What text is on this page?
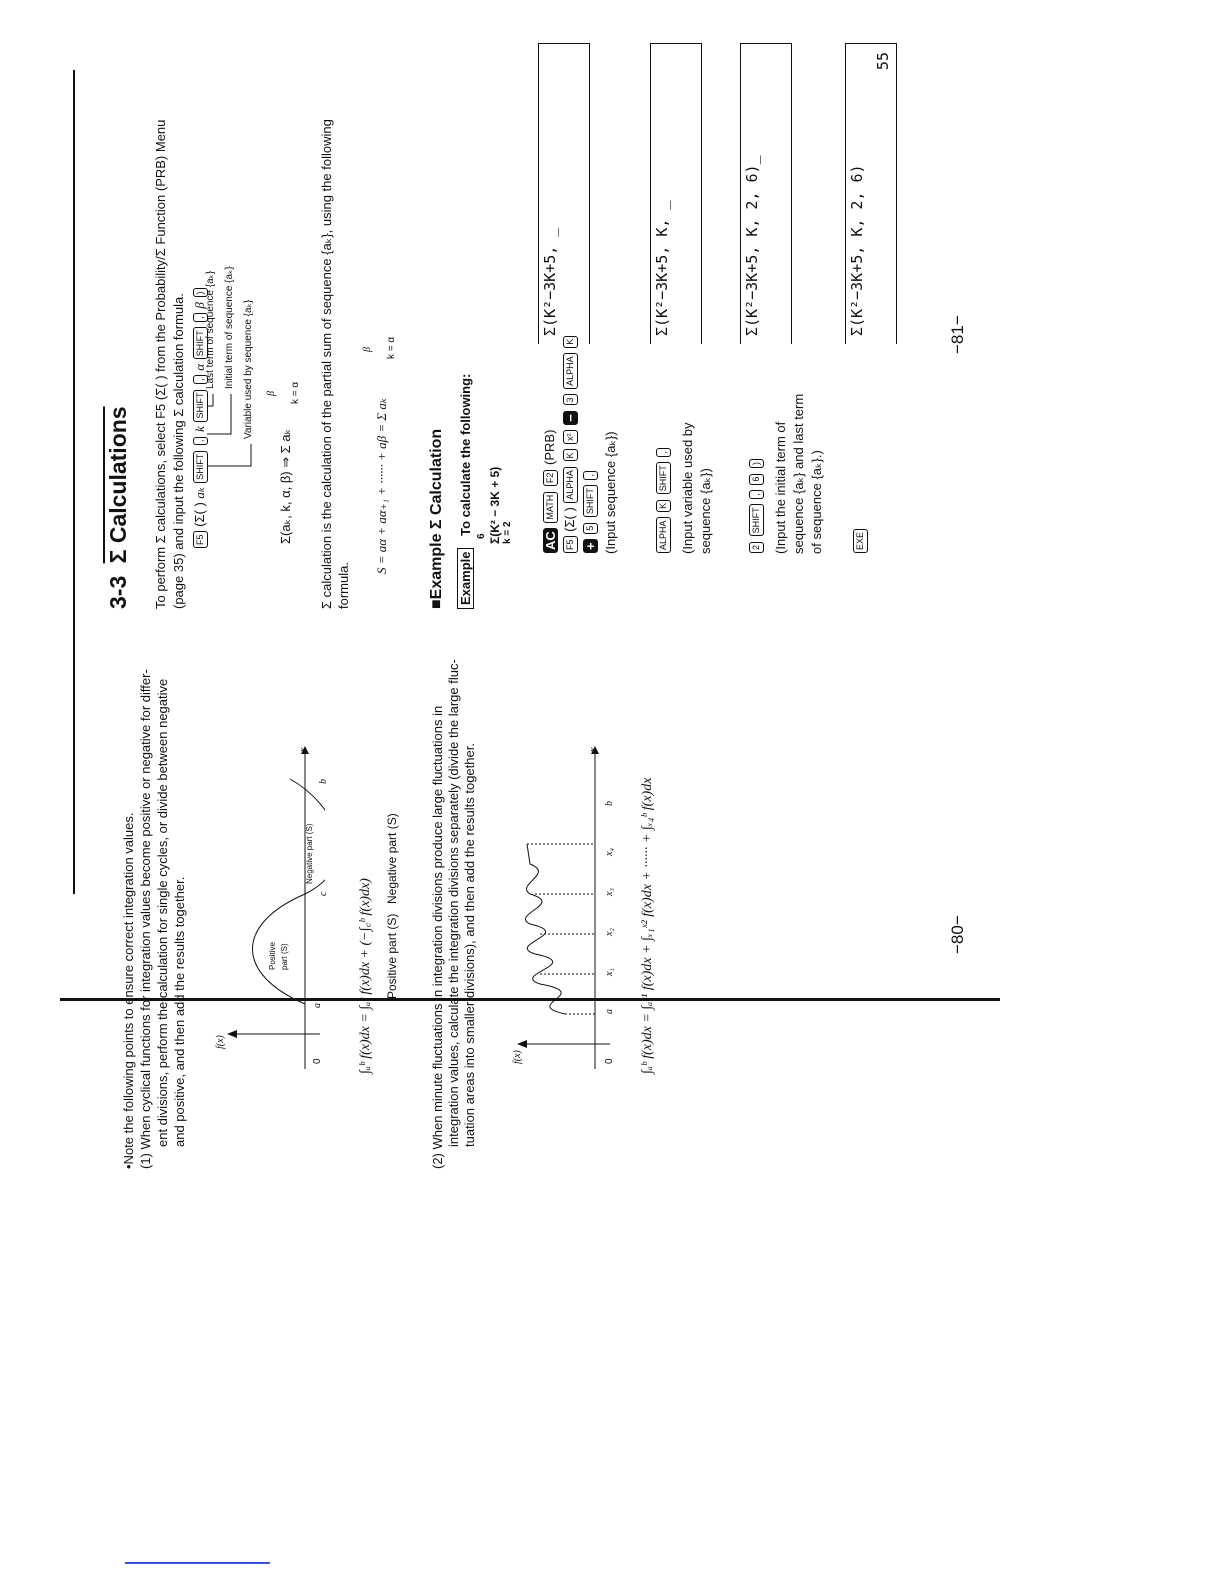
3-3 Σ Calculations To perform Σ calculations, select F5 (Σ( ) from the Probability/Σ Function (PRB) Menu (page 35) and input the following Σ calculation formula.	F5 (Σ( ) aₖ SHIFT , k SHIFT , α SHIFT , β ) Last term of sequence {aₖ} Initial term of sequence {aₖ} Variable used by sequence {aₖ} β
Σ(aₖ, k, α, β) ⇒ Σ aₖ
k = α Σ calculation is the calculation of the partial sum of sequence {aₖ}, using the following formula.
S = aα + aα₊₁ + ······ + aβ = Σ aₖ
β k = α
■Example Σ Calculation Example To calculate the following:
6 Σ(K² − 3K + 5) k = 2 AC MATH F2 (PRB)
F5 (Σ( ) ALPHA K x² − 3 ALPHA K
+ 5 SHIFT , (Input sequence {aₖ})
Σ(K²−3K+5, _	Σ(K²−3K+5, K, _	Σ(K²−3K+5, K, 2, 6)_	Σ(K²−3K+5, K, 2, 6)
55
ALPHA K SHIFT , (Input variable used by sequence {aₖ})	2 SHIFT , 6 ) (Input the initial term of sequence {aₖ} and last term of sequence {aₖ}.)	EXE
−81−
•Note the following points to ensure correct integration values. (1) When cyclical functions for integration values become positive or negative for differ- ent divisions, perform the calculation for single cycles, or divide between negative and positive, and then add the results together.	f(x)
x
0
a
c
b
Positive part (S)
Negative part (S)
∫ₐᵇ f(x)dx = ∫ₐᶜ f(x)dx + (−∫꜀ᵇ f(x)dx) Positive part (S)
Negative part (S) (2) When minute fluctuations in integration divisions produce large fluctuations in integration values, calculate the integration divisions separately (divide the large fluc- tuation areas into smaller divisions), and then add the results together.	f(x)
x
0
a
x₁
x₂
x₃
x₄
b ∫ₐᵇ f(x)dx = ∫ₐˣ¹ f(x)dx + ∫ₓ₁ˣ² f(x)dx + ······ + ∫ₓ₄ᵇ f(x)dx	−80−
